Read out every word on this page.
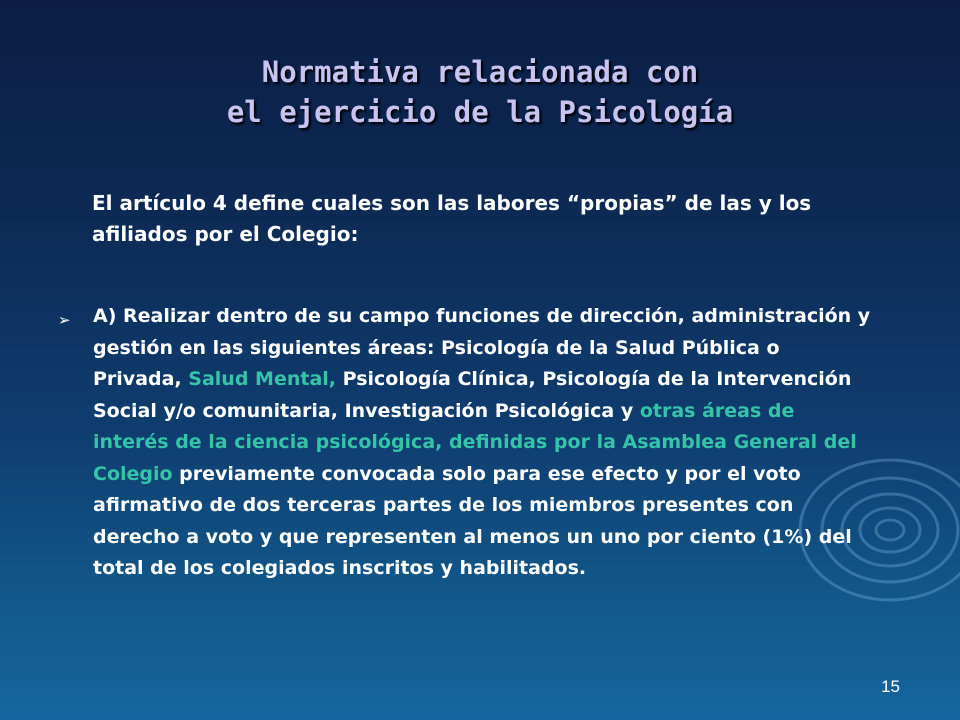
Normativa relacionada con
el ejercicio de la Psicología
El artículo 4 define cuales son las labores “propias” de las y los afiliados por el Colegio:
➢ A) Realizar dentro de su campo funciones de dirección, administración y gestión en las siguientes áreas: Psicología de la Salud Pública o Privada, Salud Mental, Psicología Clínica, Psicología de la Intervención Social y/o comunitaria, Investigación Psicológica y otras áreas de interés de la ciencia psicológica, definidas por la Asamblea General del Colegio previamente convocada solo para ese efecto y por el voto afirmativo de dos terceras partes de los miembros presentes con derecho a voto y que representen al menos un uno por ciento (1%) del total de los colegiados inscritos y habilitados.
15
